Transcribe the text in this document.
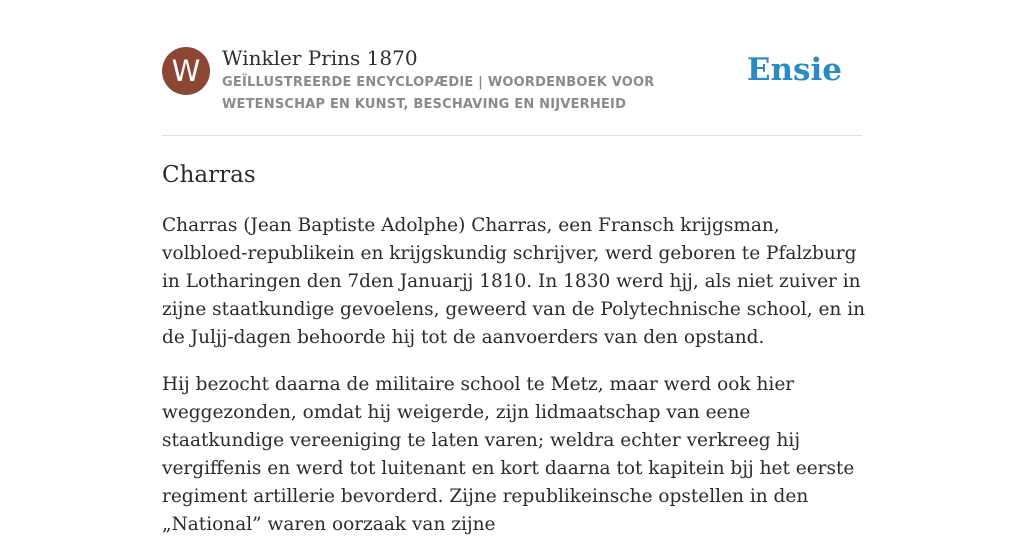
W	Winkler Prins 1870
GEÏLLUSTREERDE ENCYCLOPÆDIE | WOORDENBOEK VOOR WETENSCHAP EN KUNST, BESCHAVING EN NIJVERHEID
Ensie
Charras

Charras (Jean Baptiste Adolphe) Charras, een Fransch krijgsman, volbloed-republikein en krijgskundig schrijver, werd geboren te Pfalzburg in Lotharingen den 7den Januarjj 1810. In 1830 werd hjj, als niet zuiver in zijne staatkundige gevoelens, geweerd van de Polytechnische school, en in de Juljj-dagen behoorde hij tot de aanvoerders van den opstand.

Hij bezocht daarna de militaire school te Metz, maar werd ook hier weggezonden, omdat hij weigerde, zijn lidmaatschap van eene staatkundige vereeniging te laten varen; weldra echter verkreeg hij vergiffenis en werd tot luitenant en kort daarna tot kapitein bjj het eerste regiment artillerie bevorderd. Zijne republikeinsche opstellen in den „National” waren oorzaak van zijne
